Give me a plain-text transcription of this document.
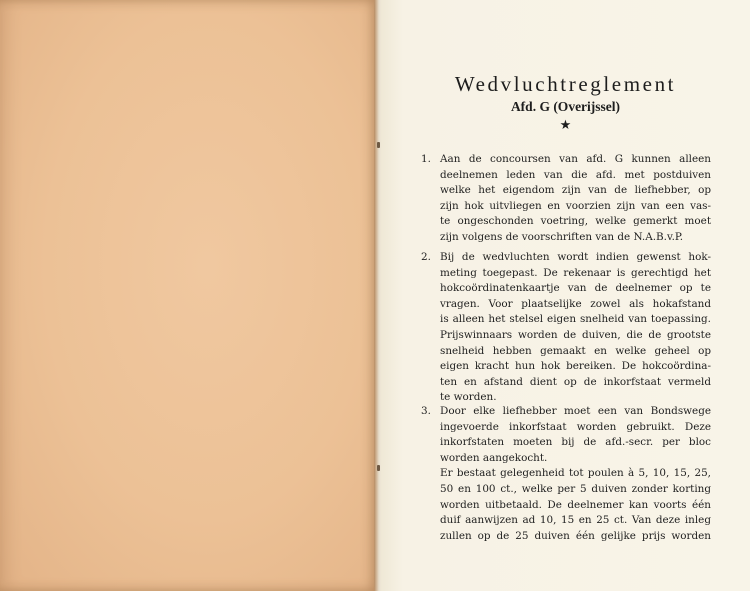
Wedvluchtreglement
Afd. G (Overijssel)
★
1. Aan de concoursen van afd. G kunnen alleen
deelnemen leden van die afd. met postduiven
welke het eigendom zijn van de liefhebber, op
zijn hok uitvliegen en voorzien zijn van een vas-
te ongeschonden voetring, welke gemerkt moet
zijn volgens de voorschriften van de N.A.B.v.P.
2. Bij de wedvluchten wordt indien gewenst hok-
meting toegepast. De rekenaar is gerechtigd het
hokcoördinatenkaartje van de deelnemer op te
vragen. Voor plaatselijke zowel als hokafstand
is alleen het stelsel eigen snelheid van toepassing.
Prijswinnaars worden de duiven, die de grootste
snelheid hebben gemaakt en welke geheel op
eigen kracht hun hok bereiken. De hokcoördina-
ten en afstand dient op de inkorfstaat vermeld
te worden.
3. Door elke liefhebber moet een van Bondswege
ingevoerde inkorfstaat worden gebruikt. Deze
inkorfstaten moeten bij de afd.-secr. per bloc
worden aangekocht.
Er bestaat gelegenheid tot poulen à 5, 10, 15, 25,
50 en 100 ct., welke per 5 duiven zonder korting
worden uitbetaald. De deelnemer kan voorts één
duif aanwijzen ad 10, 15 en 25 ct. Van deze inleg
zullen op de 25 duiven één gelijke prijs worden
